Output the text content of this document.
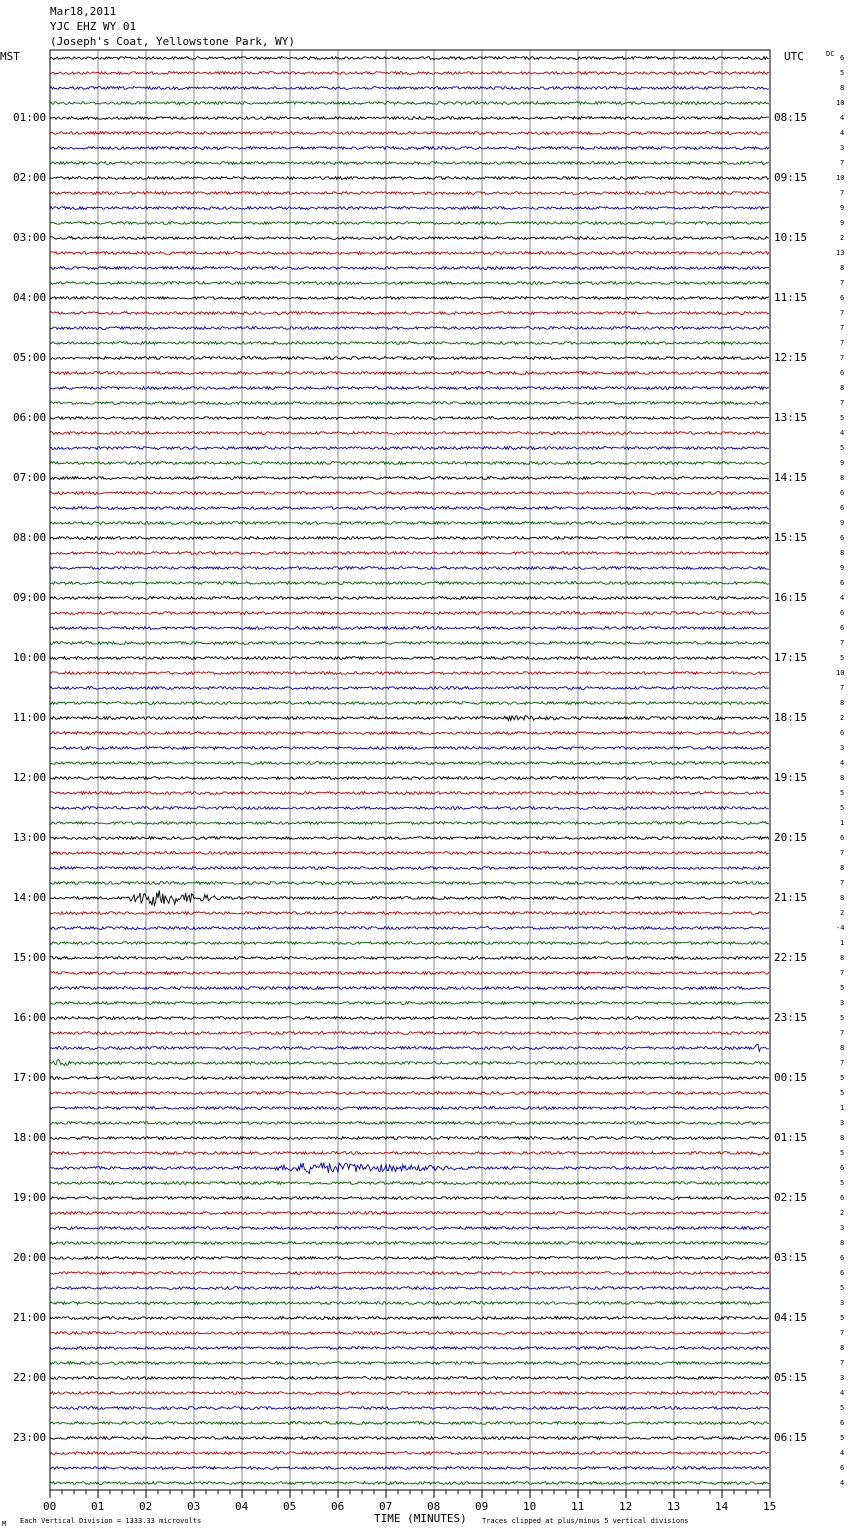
Mar18,2011
YJC EHZ WY 01
(Joseph's Coat, Yellowstone Park, WY)
MST	UTC	DC
01:00
02:00
03:00
04:00
05:00
06:00
07:00
08:00
09:00
10:00
11:00
12:00
13:00
14:00
15:00
16:00
17:00
18:00
19:00
20:00
21:00
22:00
23:00
08:15
09:15
10:15
11:15
12:15
13:15
14:15
15:15
16:15
17:15
18:15
19:15
20:15
21:15
22:15
23:15
00:15
01:15
02:15
03:15
04:15
05:15
06:15
6
5
8
10
4
4
3
7
10
7
9
9
2
13
8
7
6
7
7
7
7
6
8
7
5
4
5
9
8
6
6
9
6
8
9
6
4
6
6
7
5
10
7
8
2
6
3
4
8
5
5
1
6
7
8
7
8
2
-4
1
8
7
5
3
5
7
8
7
5
5
1
3
8
5
6
5
6
2
3
8
6
6
5
3
5
7
8
7
3
4
5
6
5
4
6
4
00	01	02	03	04	05	06	07	08	09	10	11	12	13	14	15
TIME (MINUTES)
Each Vertical Division = 1333.33 microvolts	Traces clipped at plus/minus 5 vertical divisions
M
